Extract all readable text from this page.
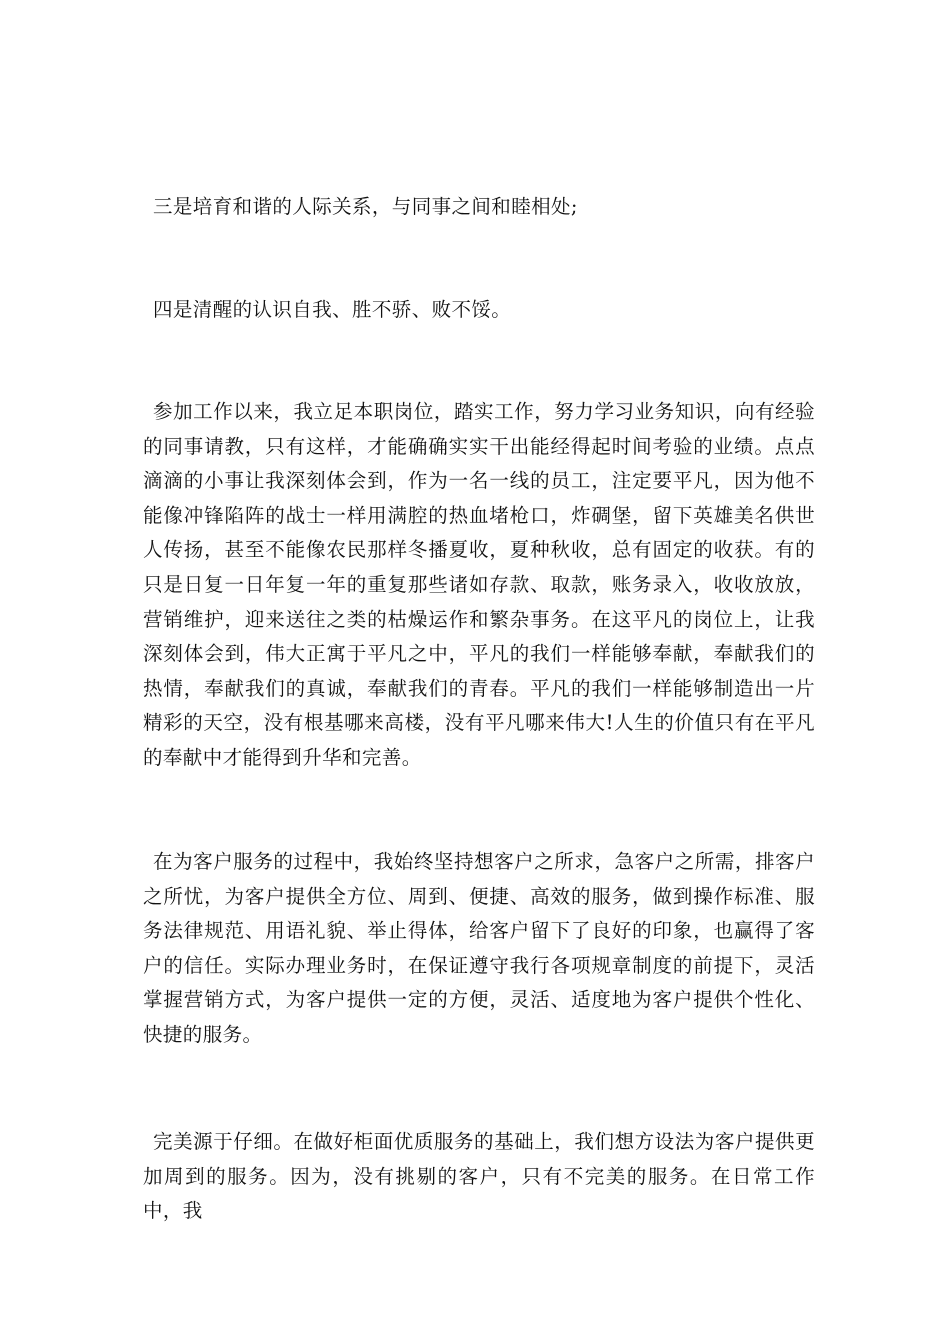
三是培育和谐的人际关系，与同事之间和睦相处;

四是清醒的认识自我、胜不骄、败不馁。

参加工作以来，我立足本职岗位，踏实工作，努力学习业务知识，向有经验的同事请教，只有这样，才能确确实实干出能经得起时间考验的业绩。点点滴滴的小事让我深刻体会到，作为一名一线的员工，注定要平凡，因为他不能像冲锋陷阵的战士一样用满腔的热血堵枪口，炸碉堡，留下英雄美名供世人传扬，甚至不能像农民那样冬播夏收，夏种秋收，总有固定的收获。有的只是日复一日年复一年的重复那些诸如存款、取款，账务录入，收收放放，营销维护，迎来送往之类的枯燥运作和繁杂事务。在这平凡的岗位上，让我深刻体会到，伟大正寓于平凡之中，平凡的我们一样能够奉献，奉献我们的热情，奉献我们的真诚，奉献我们的青春。平凡的我们一样能够制造出一片精彩的天空，没有根基哪来高楼，没有平凡哪来伟大!人生的价值只有在平凡的奉献中才能得到升华和完善。

在为客户服务的过程中，我始终坚持想客户之所求，急客户之所需，排客户之所忧，为客户提供全方位、周到、便捷、高效的服务，做到操作标准、服务法律规范、用语礼貌、举止得体，给客户留下了良好的印象，也赢得了客户的信任。实际办理业务时，在保证遵守我行各项规章制度的前提下，灵活掌握营销方式，为客户提供一定的方便，灵活、适度地为客户提供个性化、快捷的服务。

完美源于仔细。在做好柜面优质服务的基础上，我们想方设法为客户提供更加周到的服务。因为，没有挑剔的客户，只有不完美的服务。在日常工作中，我
